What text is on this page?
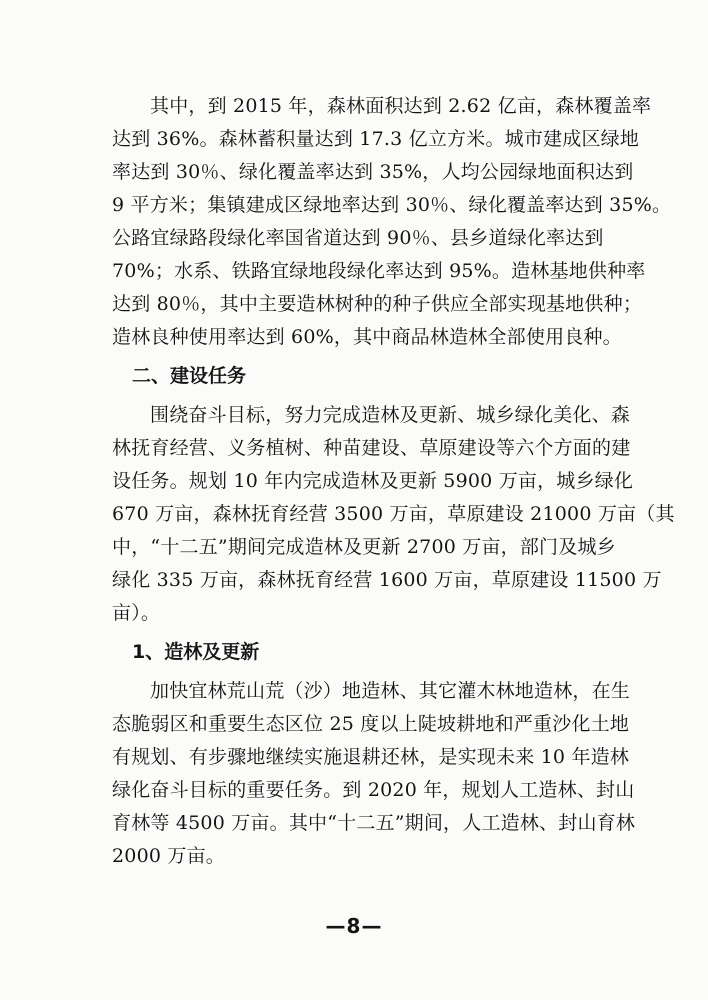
其中，到 2015 年，森林面积达到 2.62 亿亩，森林覆盖率
达到 36%。森林蓄积量达到 17.3 亿立方米。城市建成区绿地
率达到 30％、绿化覆盖率达到 35%，人均公园绿地面积达到
9 平方米；集镇建成区绿地率达到 30％、绿化覆盖率达到 35%。
公路宜绿路段绿化率国省道达到 90％、县乡道绿化率达到
70%；水系、铁路宜绿地段绿化率达到 95%。造林基地供种率
达到 80％，其中主要造林树种的种子供应全部实现基地供种；
造林良种使用率达到 60%，其中商品林造林全部使用良种。
二、建设任务
围绕奋斗目标，努力完成造林及更新、城乡绿化美化、森
林抚育经营、义务植树、种苗建设、草原建设等六个方面的建
设任务。规划 10 年内完成造林及更新 5900 万亩，城乡绿化
670 万亩，森林抚育经营 3500 万亩，草原建设 21000 万亩（其
中，“十二五”期间完成造林及更新 2700 万亩，部门及城乡
绿化 335 万亩，森林抚育经营 1600 万亩，草原建设 11500 万
亩）。
1、造林及更新
加快宜林荒山荒（沙）地造林、其它灌木林地造林，在生
态脆弱区和重要生态区位 25 度以上陡坡耕地和严重沙化土地
有规划、有步骤地继续实施退耕还林，是实现未来 10 年造林
绿化奋斗目标的重要任务。到 2020 年，规划人工造林、封山
育林等 4500 万亩。其中“十二五”期间，人工造林、封山育林
2000 万亩。
—8—
